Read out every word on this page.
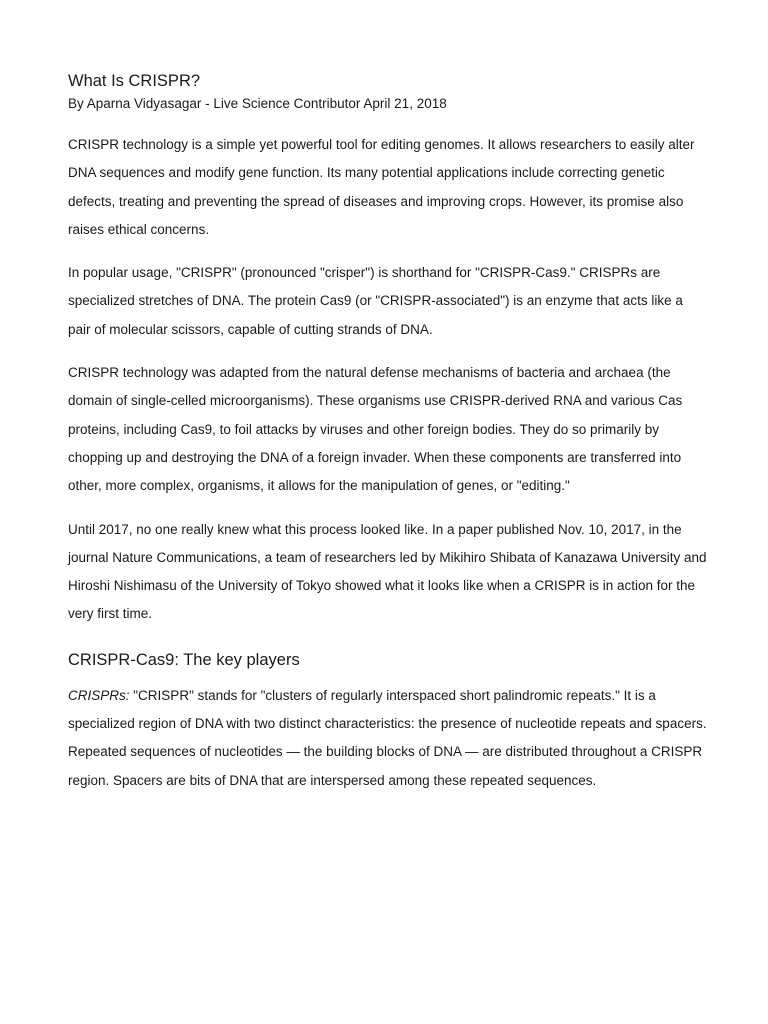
What Is CRISPR?

By Aparna Vidyasagar - Live Science Contributor April 21, 2018

CRISPR technology is a simple yet powerful tool for editing genomes. It allows researchers to easily alter DNA sequences and modify gene function. Its many potential applications include correcting genetic defects, treating and preventing the spread of diseases and improving crops. However, its promise also raises ethical concerns.

In popular usage, "CRISPR" (pronounced "crisper") is shorthand for "CRISPR-Cas9." CRISPRs are specialized stretches of DNA. The protein Cas9 (or "CRISPR-associated") is an enzyme that acts like a pair of molecular scissors, capable of cutting strands of DNA.

CRISPR technology was adapted from the natural defense mechanisms of bacteria and archaea (the domain of single-celled microorganisms). These organisms use CRISPR-derived RNA and various Cas proteins, including Cas9, to foil attacks by viruses and other foreign bodies. They do so primarily by chopping up and destroying the DNA of a foreign invader. When these components are transferred into other, more complex, organisms, it allows for the manipulation of genes, or "editing."

Until 2017, no one really knew what this process looked like. In a paper published Nov. 10, 2017, in the journal Nature Communications, a team of researchers led by Mikihiro Shibata of Kanazawa University and Hiroshi Nishimasu of the University of Tokyo showed what it looks like when a CRISPR is in action for the very first time.

CRISPR-Cas9: The key players

CRISPRs: "CRISPR" stands for "clusters of regularly interspaced short palindromic repeats." It is a specialized region of DNA with two distinct characteristics: the presence of nucleotide repeats and spacers. Repeated sequences of nucleotides — the building blocks of DNA — are distributed throughout a CRISPR region. Spacers are bits of DNA that are interspersed among these repeated sequences.
